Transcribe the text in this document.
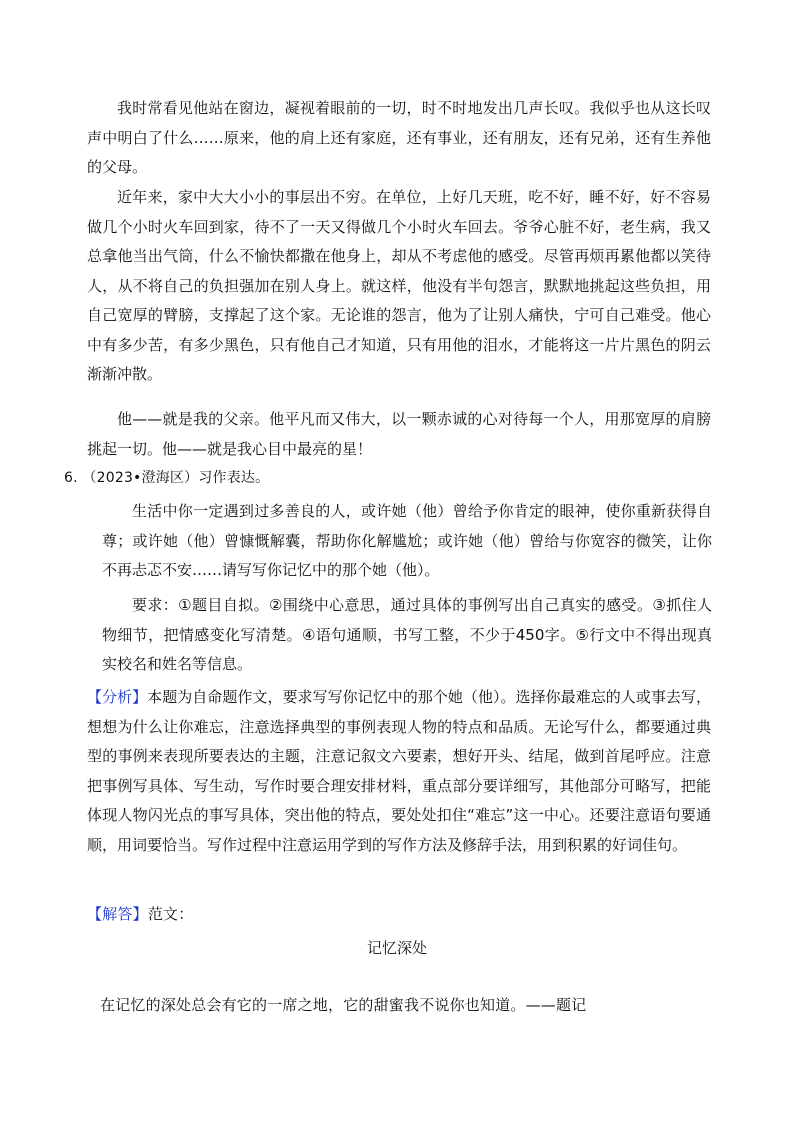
我时常看见他站在窗边，凝视着眼前的一切，时不时地发出几声长叹。我似乎也从这长叹声中明白了什么……原来，他的肩上还有家庭，还有事业，还有朋友，还有兄弟，还有生养他的父母。
近年来，家中大大小小的事层出不穷。在单位，上好几天班，吃不好，睡不好，好不容易做几个小时火车回到家，待不了一天又得做几个小时火车回去。爷爷心脏不好，老生病，我又总拿他当出气筒，什么不愉快都撒在他身上，却从不考虑他的感受。尽管再烦再累他都以笑待人，从不将自己的负担强加在别人身上。就这样，他没有半句怨言，默默地挑起这些负担，用自己宽厚的臂膀，支撑起了这个家。无论谁的怨言，他为了让别人痛快，宁可自己难受。他心中有多少苦，有多少黑色，只有他自己才知道，只有用他的泪水，才能将这一片片黑色的阴云渐渐冲散。
他——就是我的父亲。他平凡而又伟大，以一颗赤诚的心对待每一个人，用那宽厚的肩膀挑起一切。他——就是我心目中最亮的星！
6. （2023•澄海区）习作表达。
生活中你一定遇到过多善良的人，或许她（他）曾给予你肯定的眼神，使你重新获得自尊；或许她（他）曾慷慨解囊，帮助你化解尴尬；或许她（他）曾给与你宽容的微笑，让你不再忐忑不安……请写写你记忆中的那个她（他）。
要求：①题目自拟。②围绕中心意思，通过具体的事例写出自己真实的感受。③抓住人物细节，把情感变化写清楚。④语句通顺，书写工整，不少于450字。⑤行文中不得出现真实校名和姓名等信息。
【分析】本题为自命题作文，要求写写你记忆中的那个她（他）。选择你最难忘的人或事去写，想想为什么让你难忘，注意选择典型的事例表现人物的特点和品质。无论写什么，都要通过典型的事例来表现所要表达的主题，注意记叙文六要素，想好开头、结尾，做到首尾呼应。注意把事例写具体、写生动，写作时要合理安排材料，重点部分要详细写，其他部分可略写，把能体现人物闪光点的事写具体，突出他的特点，要处处扣住“难忘”这一中心。还要注意语句要通顺，用词要恰当。写作过程中注意运用学到的写作方法及修辞手法，用到积累的好词佳句。
【解答】范文：
记忆深处
在记忆的深处总会有它的一席之地，它的甜蜜我不说你也知道。——题记
